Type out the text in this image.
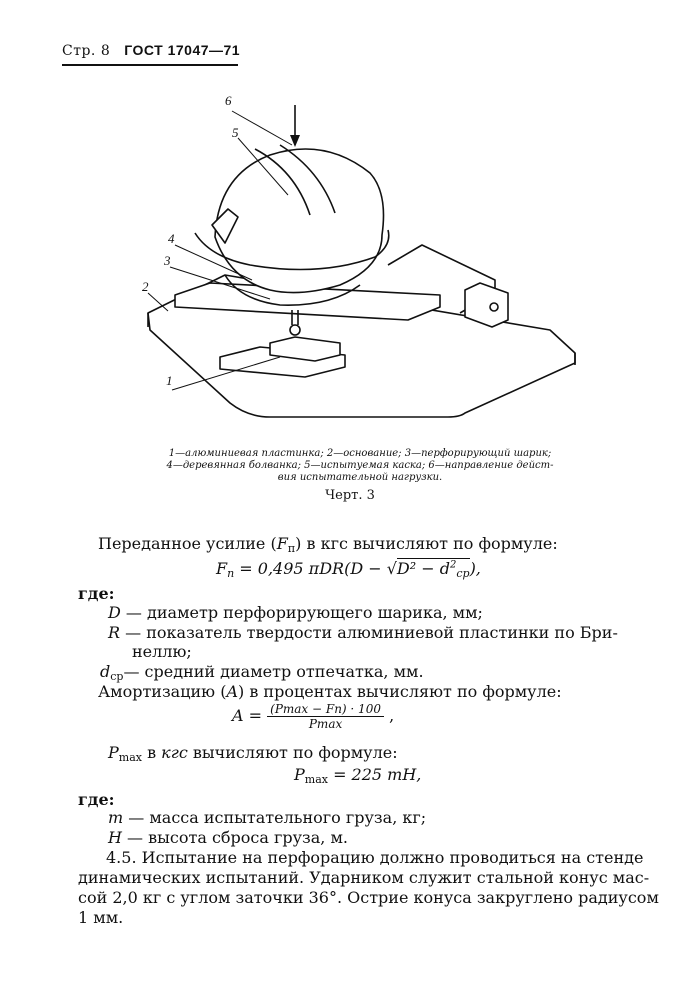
Стр. 8 ГОСТ 17047—71
6
5
4
3
2
1
1—алюминиевая пластинка; 2—основание; 3—перфорирующий шарик;
4—деревянная болванка; 5—испытуемая каска; 6—направление дейст-
вия испытательной нагрузки.
Черт. 3
Переданное усилие $(F_п)$ в кгс вычисляют по формуле:
$F_п = 0,495$ $\pi DR(D - √D^2 - d^2_{ср})$,
где:
D — диаметр перфорирующего шарика, мм;
R — показатель твердости алюминиевой пластинки по Бри-
неллю;
$d_{ср}—$ средний диаметр отпечатка, мм.
Амортизацию (A) в процентах вычисляют по формуле:
$A = \frac{(Pmax - Fп) \cdot 100}{Pmax}$ ,
$P_{max}$ в кгс вычисляют по формуле:
$P_{max} = 225$ mH,
где:
m — масса испытательного груза, кг;
H — высота сброса груза, м.
4.5. Испытание на перфорацию должно проводиться на стенде
динамических испытаний. Ударником служит стальной конус мас-
сой 2,0 кг с углом заточки 36°. Острие конуса закруглено радиусом
1 мм.
